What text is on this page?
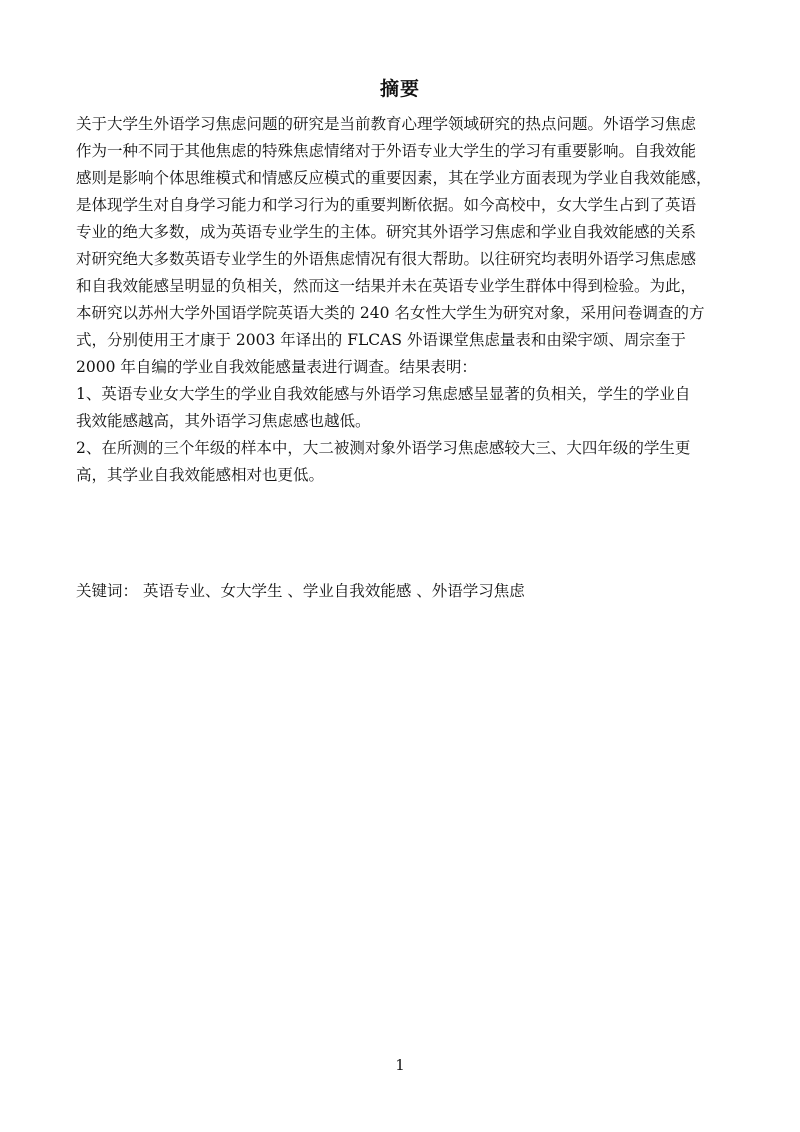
摘要
关于大学生外语学习焦虑问题的研究是当前教育心理学领域研究的热点问题。外语学习焦虑
作为一种不同于其他焦虑的特殊焦虑情绪对于外语专业大学生的学习有重要影响。自我效能
感则是影响个体思维模式和情感反应模式的重要因素，其在学业方面表现为学业自我效能感，
是体现学生对自身学习能力和学习行为的重要判断依据。如今高校中，女大学生占到了英语
专业的绝大多数，成为英语专业学生的主体。研究其外语学习焦虑和学业自我效能感的关系
对研究绝大多数英语专业学生的外语焦虑情况有很大帮助。以往研究均表明外语学习焦虑感
和自我效能感呈明显的负相关，然而这一结果并未在英语专业学生群体中得到检验。为此，
本研究以苏州大学外国语学院英语大类的 240 名女性大学生为研究对象，采用问卷调查的方
式，分别使用王才康于 2003 年译出的 FLCAS 外语课堂焦虑量表和由梁宇颂、周宗奎于
2000 年自编的学业自我效能感量表进行调查。结果表明：
1、英语专业女大学生的学业自我效能感与外语学习焦虑感呈显著的负相关，学生的学业自
我效能感越高，其外语学习焦虑感也越低。
2、在所测的三个年级的样本中，大二被测对象外语学习焦虑感较大三、大四年级的学生更
高，其学业自我效能感相对也更低。
关键词： 英语专业、女大学生 、学业自我效能感 、外语学习焦虑
1
